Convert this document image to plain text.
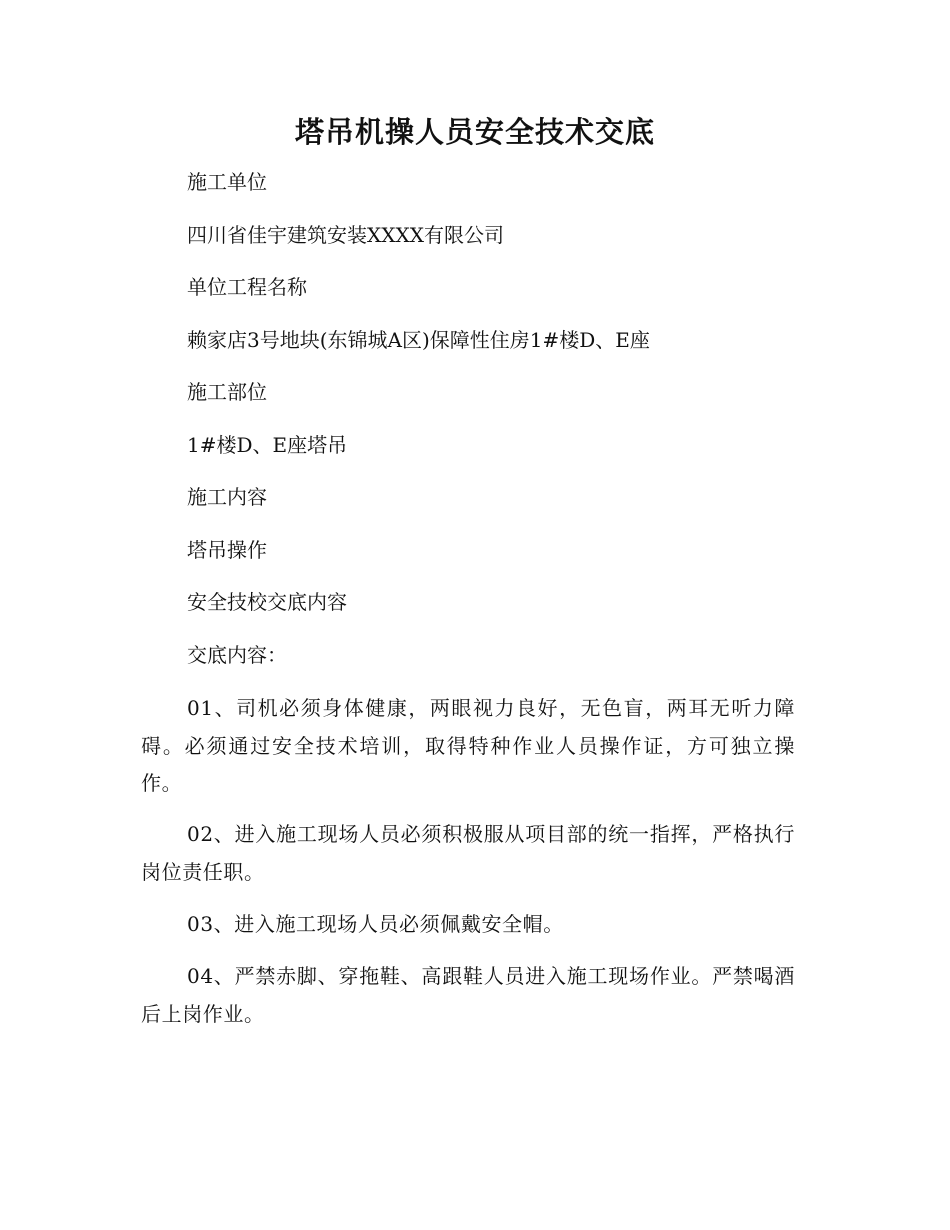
塔吊机操人员安全技术交底
施工单位
四川省佳宇建筑安装XXXX有限公司
单位工程名称
赖家店3号地块(东锦城A区)保障性住房1#楼D、E座
施工部位
1#楼D、E座塔吊
施工内容
塔吊操作
安全技校交底内容
交底内容：
01、司机必须身体健康，两眼视力良好，无色盲，两耳无听力障碍。必须通过安全技术培训，取得特种作业人员操作证，方可独立操作。
02、进入施工现场人员必须积极服从项目部的统一指挥，严格执行岗位责任职。
03、进入施工现场人员必须佩戴安全帽。
04、严禁赤脚、穿拖鞋、高跟鞋人员进入施工现场作业。严禁喝酒后上岗作业。
